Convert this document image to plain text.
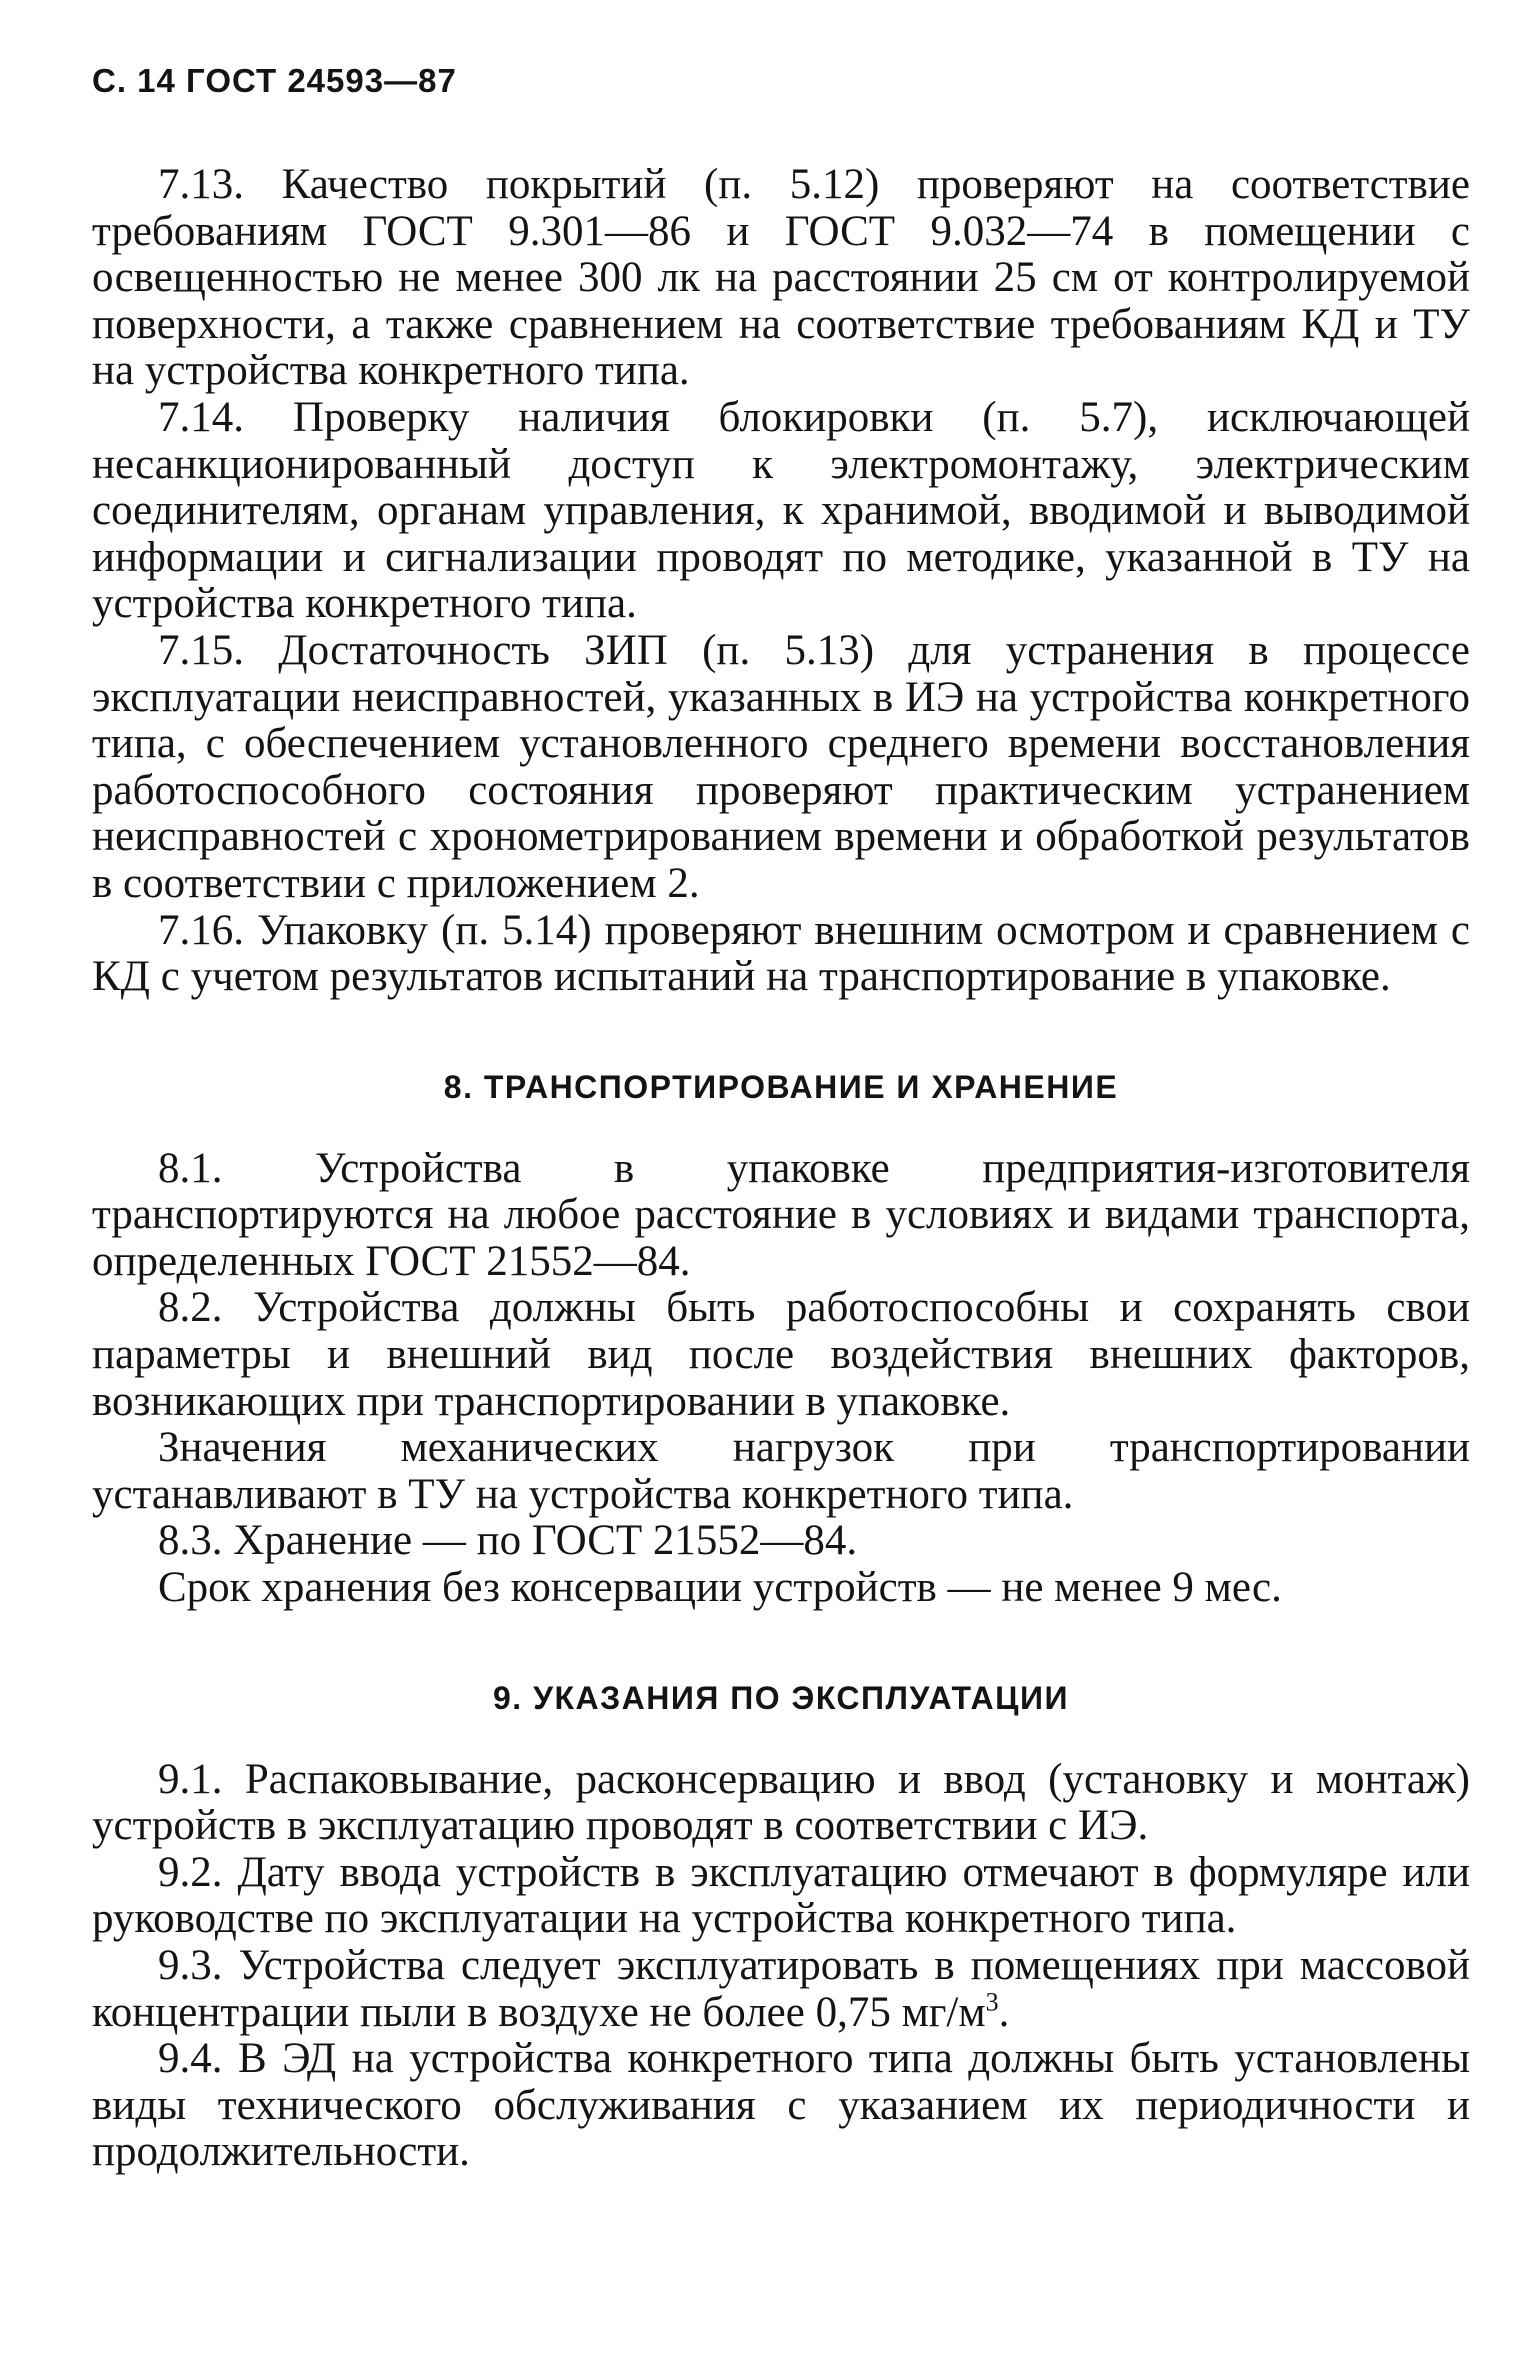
С. 14 ГОСТ 24593—87

7.13. Качество покрытий (п. 5.12) проверяют на соответствие требованиям ГОСТ 9.301—86 и ГОСТ 9.032—74 в помещении с освещенностью не менее 300 лк на расстоянии 25 см от контролируемой поверхности, а также сравнением на соответствие требованиям КД и ТУ на устройства конкретного типа.

7.14. Проверку наличия блокировки (п. 5.7), исключающей несанкционированный доступ к электромонтажу, электрическим соединителям, органам управления, к хранимой, вводимой и выводимой информации и сигнализации проводят по методике, указанной в ТУ на устройства конкретного типа.

7.15. Достаточность ЗИП (п. 5.13) для устранения в процессе эксплуатации неисправностей, указанных в ИЭ на устройства конкретного типа, с обеспечением установленного среднего времени восстановления работоспособного состояния проверяют практическим устранением неисправностей с хронометрированием времени и обработкой результатов в соответствии с приложением 2.

7.16. Упаковку (п. 5.14) проверяют внешним осмотром и сравнением с КД с учетом результатов испытаний на транспортирование в упаковке.

8. ТРАНСПОРТИРОВАНИЕ И ХРАНЕНИЕ

8.1. Устройства в упаковке предприятия-изготовителя транспортируются на любое расстояние в условиях и видами транспорта, определенных ГОСТ 21552—84.

8.2. Устройства должны быть работоспособны и сохранять свои параметры и внешний вид после воздействия внешних факторов, возникающих при транспортировании в упаковке.

Значения механических нагрузок при транспортировании устанавливают в ТУ на устройства конкретного типа.

8.3. Хранение — по ГОСТ 21552—84.

Срок хранения без консервации устройств — не менее 9 мес.

9. УКАЗАНИЯ ПО ЭКСПЛУАТАЦИИ

9.1. Распаковывание, расконсервацию и ввод (установку и монтаж) устройств в эксплуатацию проводят в соответствии с ИЭ.

9.2. Дату ввода устройств в эксплуатацию отмечают в формуляре или руководстве по эксплуатации на устройства конкретного типа.

9.3. Устройства следует эксплуатировать в помещениях при массовой концентрации пыли в воздухе не более 0,75 $мг/м^3$.

9.4. В ЭД на устройства конкретного типа должны быть установлены виды технического обслуживания с указанием их периодичности и продолжительности.
